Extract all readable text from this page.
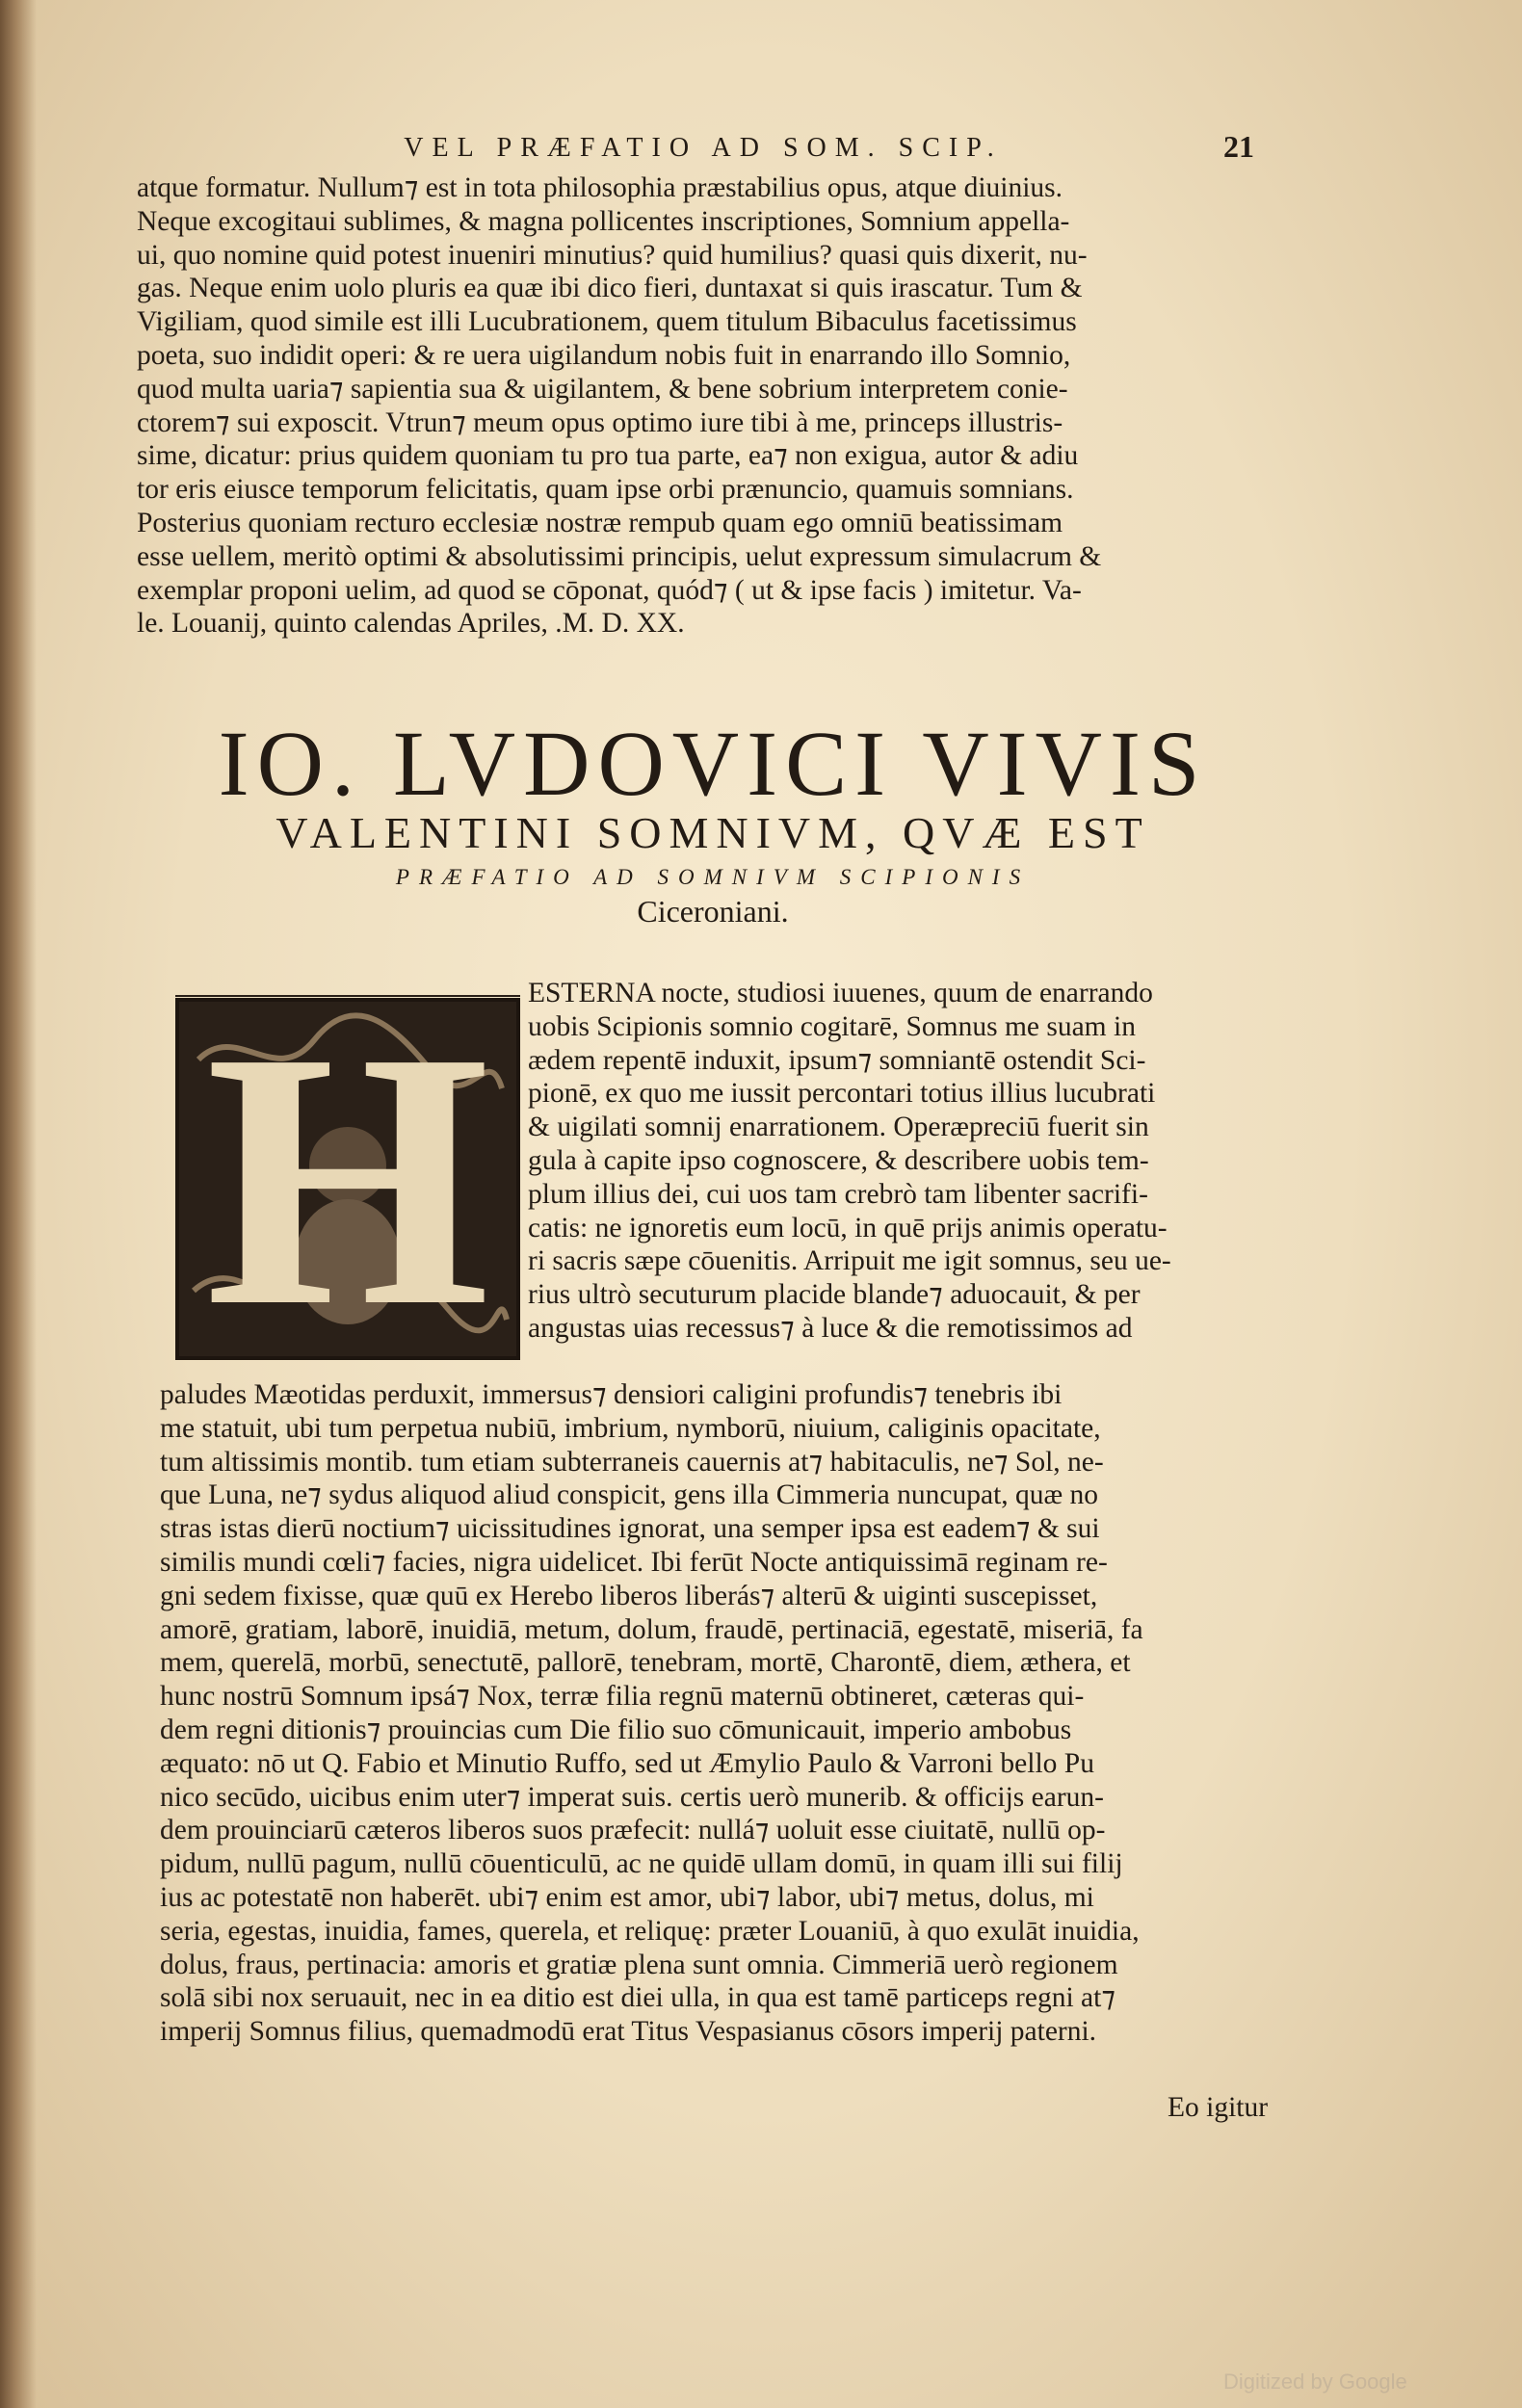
VEL PRÆFATIO AD SOM. SCIP.	21
atque formatur. Nullum⁊ est in tota philosophia præstabilius opus, atque diuinius.
Neque excogitaui sublimes, & magna pollicentes inscriptiones, Somnium appella-
ui, quo nomine quid potest inueniri minutius? quid humilius? quasi quis dixerit, nu-
gas. Neque enim uolo pluris ea quæ ibi dico fieri, duntaxat si quis irascatur. Tum &
Vigiliam, quod simile est illi Lucubrationem, quem titulum Bibaculus facetissimus
poeta, suo indidit operi: & re uera uigilandum nobis fuit in enarrando illo Somnio,
quod multa uaria⁊ sapientia sua & uigilantem, & bene sobrium interpretem conie-
ctorem⁊ sui exposcit. Vtrun⁊ meum opus optimo iure tibi à me, princeps illustris-
sime, dicatur: prius quidem quoniam tu pro tua parte, ea⁊ non exigua, autor & adiu
tor eris eiusce temporum felicitatis, quam ipse orbi prænuncio, quamuis somnians.
Posterius quoniam recturo ecclesiæ nostræ rempub quam ego omniū beatissimam
esse uellem, meritò optimi & absolutissimi principis, uelut expressum simulacrum &
exemplar proponi uelim, ad quod se cōponat, quód⁊ ( ut & ipse facis ) imitetur. Va-
le. Louanij, quinto calendas Apriles, .M. D. XX.
IO. LVDOVICI VIVIS
VALENTINI SOMNIVM, QVÆ EST
PRÆFATIO AD SOMNIVM SCIPIONIS
Ciceroniani.
H	ESTERNA nocte, studiosi iuuenes, quum de enarrando
uobis Scipionis somnio cogitarē, Somnus me suam in
ædem repentē induxit, ipsum⁊ somniantē ostendit Sci-
pionē, ex quo me iussit percontari totius illius lucubrati
& uigilati somnij enarrationem. Operæpreciū fuerit sin
gula à capite ipso cognoscere, & describere uobis tem-
plum illius dei, cui uos tam crebrò tam libenter sacrifi-
catis: ne ignoretis eum locū, in quē prijs animis operatu-
ri sacris sæpe cōuenitis. Arripuit me igit somnus, seu ue-
rius ultrò secuturum placide blande⁊ aduocauit, & per
angustas uias recessus⁊ à luce & die remotissimos ad
paludes Mæotidas perduxit, immersus⁊ densiori caligini profundis⁊ tenebris ibi
me statuit, ubi tum perpetua nubiū, imbrium, nymborū, niuium, caliginis opacitate,
tum altissimis montib. tum etiam subterraneis cauernis at⁊ habitaculis, ne⁊ Sol, ne-
que Luna, ne⁊ sydus aliquod aliud conspicit, gens illa Cimmeria nuncupat, quæ no
stras istas dierū noctium⁊ uicissitudines ignorat, una semper ipsa est eadem⁊ & sui
similis mundi cœli⁊ facies, nigra uidelicet. Ibi ferūt Nocte antiquissimā reginam re-
gni sedem fixisse, quæ quū ex Herebo liberos liberás⁊ alterū & uiginti suscepisset,
amorē, gratiam, laborē, inuidiā, metum, dolum, fraudē, pertinaciā, egestatē, miseriā, fa
mem, querelā, morbū, senectutē, pallorē, tenebram, mortē, Charontē, diem, æthera, et
hunc nostrū Somnum ipsá⁊ Nox, terræ filia regnū maternū obtineret, cæteras qui-
dem regni ditionis⁊ prouincias cum Die filio suo cōmunicauit, imperio ambobus
æquato: nō ut Q. Fabio et Minutio Ruffo, sed ut Æmylio Paulo & Varroni bello Pu
nico secūdo, uicibus enim uter⁊ imperat suis. certis uerò munerib. & officijs earun-
dem prouinciarū cæteros liberos suos præfecit: nullá⁊ uoluit esse ciuitatē, nullū op-
pidum, nullū pagum, nullū cōuenticulū, ac ne quidē ullam domū, in quam illi sui filij
ius ac potestatē non haberēt. ubi⁊ enim est amor, ubi⁊ labor, ubi⁊ metus, dolus, mi
seria, egestas, inuidia, fames, querela, et reliquę: præter Louaniū, à quo exulāt inuidia,
dolus, fraus, pertinacia: amoris et gratiæ plena sunt omnia. Cimmeriā uerò regionem
solā sibi nox seruauit, nec in ea ditio est diei ulla, in qua est tamē particeps regni at⁊
imperij Somnus filius, quemadmodū erat Titus Vespasianus cōsors imperij paterni.
Eo igitur
Digitized by Google
